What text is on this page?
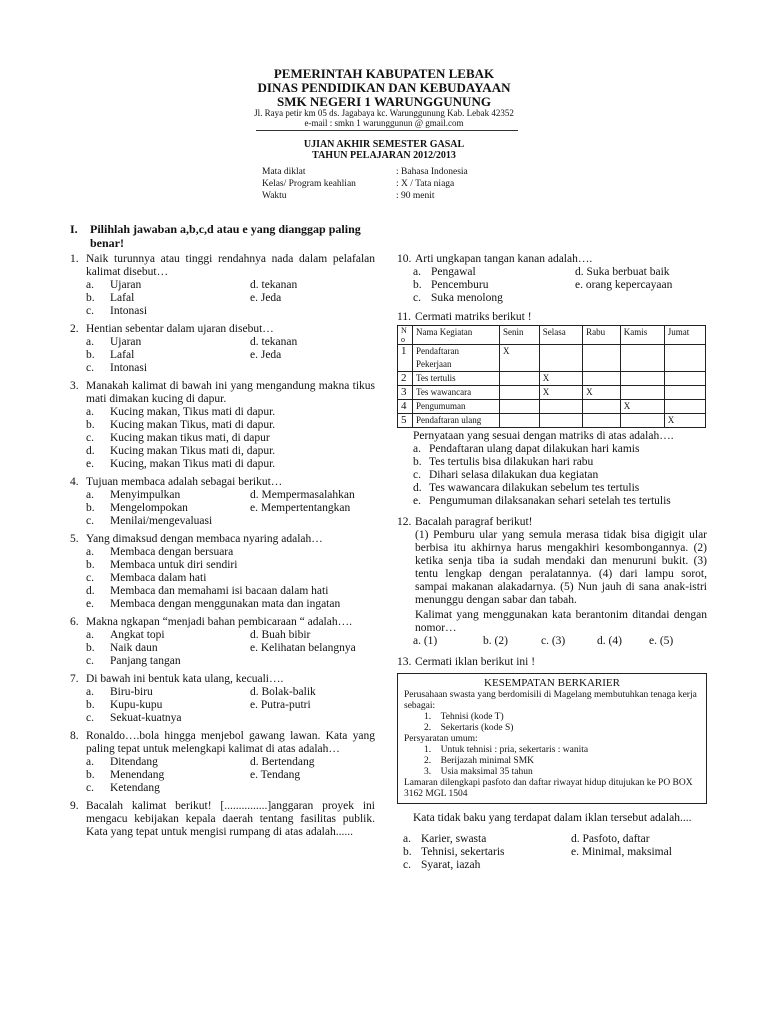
PEMERINTAH KABUPATEN LEBAK
DINAS PENDIDIKAN DAN KEBUDAYAAN
SMK NEGERI 1 WARUNGGUNUNG
Jl. Raya petir km 05 ds. Jagabaya kc. Warunggunung Kab. Lebak 42352
e-mail : smkn 1 warunggunun @ gmail.com
UJIAN AKHIR SEMESTER GASAL
TAHUN PELAJARAN 2012/2013
Mata diklat	: Bahasa Indonesia
Kelas/ Program keahlian	: X / Tata niaga
Waktu	: 90 menit
I. Pilihlah jawaban a,b,c,d atau e yang dianggap paling benar!
1. Naik turunnya atau tinggi rendahnya nada dalam pelafalan kalimat disebut…
a. Ujaran	d. tekanan
b. Lafal	e. Jeda
c. Intonasi
2. Hentian sebentar dalam ujaran disebut…
a. Ujaran	d. tekanan
b. Lafal	e. Jeda
c. Intonasi
3. Manakah kalimat di bawah ini yang mengandung makna tikus mati dimakan kucing di dapur.
a. Kucing makan, Tikus mati di dapur.
b. Kucing makan Tikus, mati di dapur.
c. Kucing makan tikus mati, di dapur
d. Kucing makan Tikus mati di, dapur.
e. Kucing, makan Tikus mati di dapur.
4. Tujuan membaca adalah sebagai berikut…
a. Menyimpulkan	d. Mempermasalahkan
b. Mengelompokan	e. Mempertentangkan
c. Menilai/mengevaluasi
5. Yang dimaksud dengan membaca nyaring adalah…
a. Membaca dengan bersuara
b. Membaca untuk diri sendiri
c. Membaca dalam hati
d. Membaca dan memahami isi bacaan dalam hati
e. Membaca dengan menggunakan mata dan ingatan
6. Makna ngkapan “menjadi bahan pembicaraan “ adalah….
a. Angkat topi	d. Buah bibir
b. Naik daun	e. Kelihatan belangnya
c. Panjang tangan
7. Di bawah ini bentuk kata ulang, kecuali….
a. Biru-biru	d. Bolak-balik
b. Kupu-kupu	e. Putra-putri
c. Sekuat-kuatnya
8. Ronaldo….bola hingga menjebol gawang lawan. Kata yang paling tepat untuk melengkapi kalimat di atas adalah…
a. Ditendang	d. Bertendang
b. Menendang	e. Tendang
c. Ketendang
9. Bacalah kalimat berikut! [...............]anggaran proyek ini mengacu kebijakan kepala daerah tentang fasilitas publik. Kata yang tepat untuk mengisi rumpang di atas adalah......
10. Arti ungkapan tangan kanan adalah….
a. Pengawal	d. Suka berbuat baik
b. Pencemburu	e. orang kepercayaan
c. Suka menolong
11. Cermati matriks berikut !
N o	Nama Kegiatan	Senin	Selasa	Rabu	Kamis	Jumat
1	Pendaftaran Pekerjaan	X				
2	Tes tertulis		X			
3	Tes wawancara		X	X		
4	Pengumuman				X	
5	Pendaftaran ulang					X
Pernyataan yang sesuai dengan matriks di atas adalah….
a. Pendaftaran ulang dapat dilakukan hari kamis
b. Tes tertulis bisa dilakukan hari rabu
c. Dihari selasa dilakukan dua kegiatan
d. Tes wawancara dilakukan sebelum tes tertulis
e. Pengumuman dilaksanakan sehari setelah tes tertulis
12. Bacalah paragraf berikut!
(1) Pemburu ular yang semula merasa tidak bisa digigit ular berbisa itu akhirnya harus mengakhiri kesombongannya. (2) ketika senja tiba ia sudah mendaki dan menuruni bukit. (3) tentu lengkap dengan peralatannya. (4) dari lampu sorot, sampai makanan alakadarnya. (5) Nun jauh di sana anak-istri menunggu dengan sabar dan tabah.
Kalimat yang menggunakan kata berantonim ditandai dengan nomor…
a. (1)	b. (2)	c. (3)	d. (4) e. (5)
13. Cermati iklan berikut ini !
KESEMPATAN BERKARIER
Perusahaan swasta yang berdomisili di Magelang membutuhkan tenaga kerja sebagai:
1. Tehnisi (kode T)
2. Sekertaris (kode S)
Persyaratan umum:
1. Untuk tehnisi : pria, sekertaris : wanita
2. Berijazah minimal SMK
3. Usia maksimal 35 tahun
Lamaran dilengkapi pasfoto dan daftar riwayat hidup ditujukan ke PO BOX 3162 MGL 1504
Kata tidak baku yang terdapat dalam iklan tersebut adalah....
a. Karier, swasta	d. Pasfoto, daftar
b. Tehnisi, sekertaris	e. Minimal, maksimal
c. Syarat, iazah
